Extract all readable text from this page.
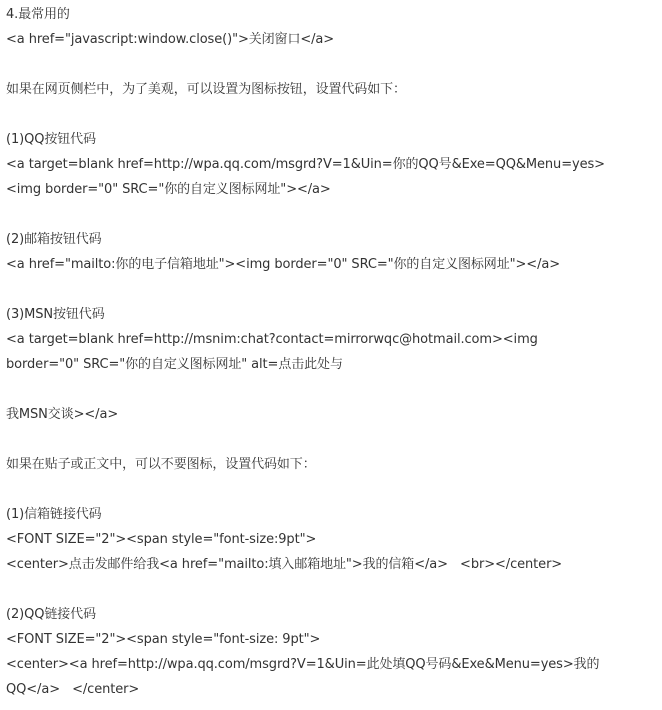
4.最常用的
<a href="javascript:window.close()">关闭窗口</a>
如果在网页侧栏中，为了美观，可以设置为图标按钮，设置代码如下：
(1)QQ按钮代码
<a target=blank href=http://wpa.qq.com/msgrd?V=1&Uin=你的QQ号&Exe=QQ&Menu=yes>
<img border="0" SRC="你的自定义图标网址"></a>
(2)邮箱按钮代码
<a href="mailto:你的电子信箱地址"><img border="0" SRC="你的自定义图标网址"></a>
(3)MSN按钮代码
<a target=blank href=http://msnim:chat?contact=mirrorwqc@hotmail.com><img
border="0" SRC="你的自定义图标网址" alt=点击此处与
我MSN交谈></a>
如果在贴子或正文中，可以不要图标，设置代码如下：
(1)信箱链接代码
<FONT SIZE="2"><span style="font-size:9pt">
<center>点击发邮件给我<a href="mailto:填入邮箱地址">我的信箱</a>   <br></center>
(2)QQ链接代码
<FONT SIZE="2"><span style="font-size: 9pt">
<center><a href=http://wpa.qq.com/msgrd?V=1&Uin=此处填QQ号码&Exe&Menu=yes>我的
QQ</a>   </center>
